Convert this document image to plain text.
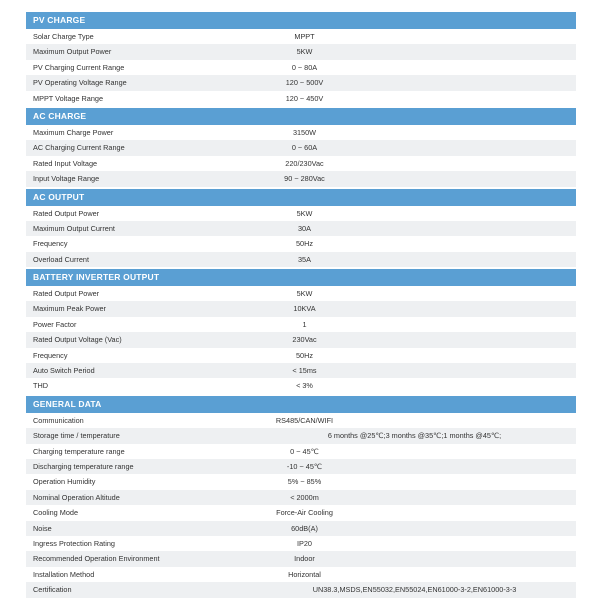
PV CHARGE
Solar Charge Type	MPPT
Maximum Output Power	5KW
PV Charging Current Range	0 ~ 80A
PV Operating Voltage Range	120 ~ 500V
MPPT Voltage Range	120 ~ 450V
AC CHARGE
Maximum Charge Power	3150W
AC Charging Current Range	0 ~ 60A
Rated Input Voltage	220/230Vac
Input Voltage Range	90 ~ 280Vac
AC OUTPUT
Rated Output Power	5KW
Maximum Output Current	30A
Frequency	50Hz
Overload Current	35A
BATTERY INVERTER OUTPUT
Rated Output Power	5KW
Maximum Peak Power	10KVA
Power Factor	1
Rated Output Voltage (Vac)	230Vac
Frequency	50Hz
Auto Switch Period	< 15ms
THD	< 3%
GENERAL DATA
Communication	RS485/CAN/WIFI
Storage time / temperature	6 months @25℃;3 months @35℃;1 months @45℃;
Charging temperature range	0 ~ 45℃
Discharging temperature range	-10 ~ 45℃
Operation Humidity	5% ~ 85%
Nominal Operation Altitude	< 2000m
Cooling Mode	Force-Air Cooling
Noise	60dB(A)
Ingress Protection Rating	IP20
Recommended Operation Environment	Indoor
Installation Method	Horizontal
Certification	UN38.3,MSDS,EN55032,EN55024,EN61000-3-2,EN61000-3-3
